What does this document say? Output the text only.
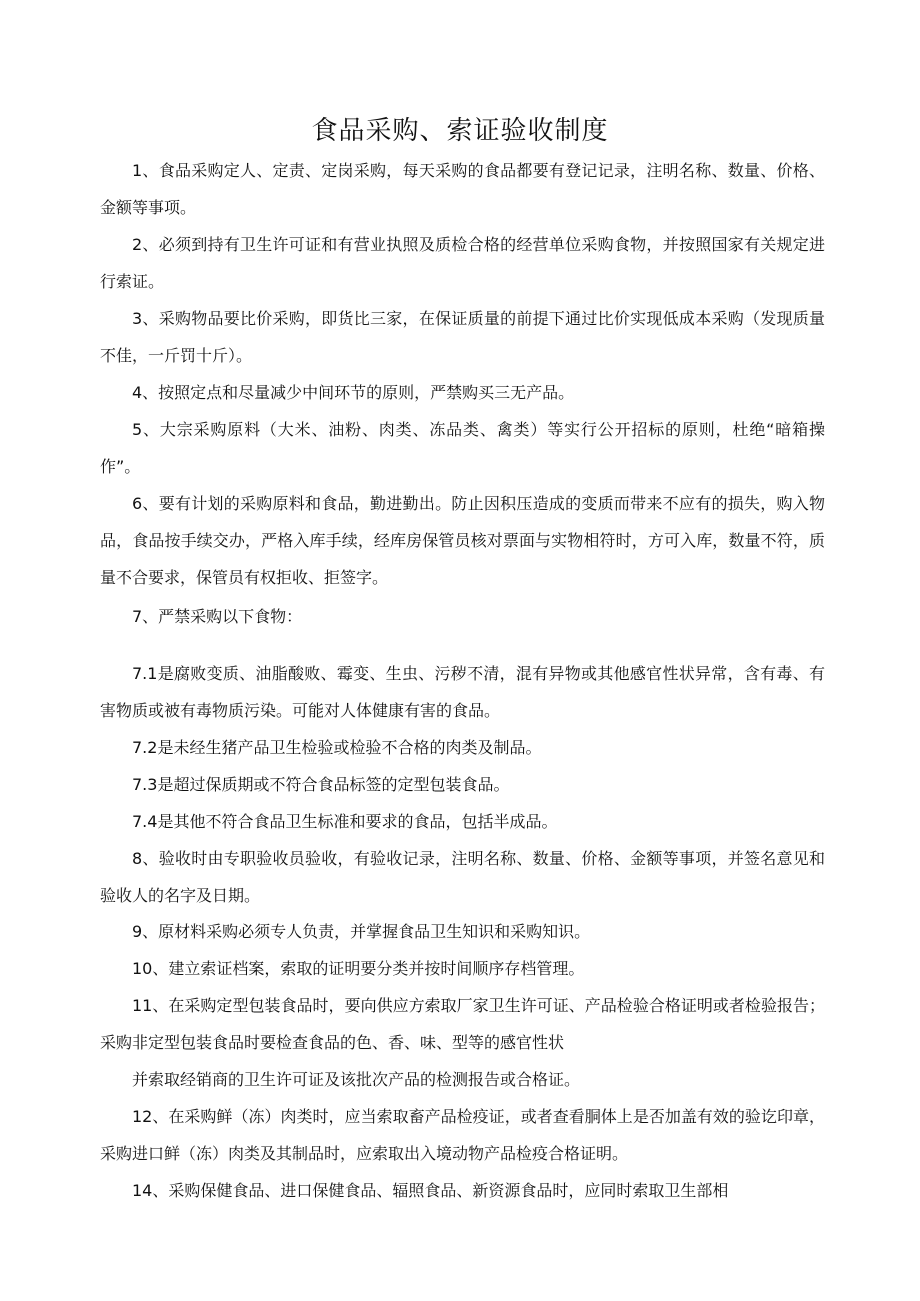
食品采购、索证验收制度

1、食品采购定人、定责、定岗采购，每天采购的食品都要有登记记录，注明名称、数量、价格、金额等事项。

2、必须到持有卫生许可证和有营业执照及质检合格的经营单位采购食物，并按照国家有关规定进行索证。

3、采购物品要比价采购，即货比三家，在保证质量的前提下通过比价实现低成本采购（发现质量不佳，一斤罚十斤）。

4、按照定点和尽量减少中间环节的原则，严禁购买三无产品。

5、大宗采购原料（大米、油粉、肉类、冻品类、禽类）等实行公开招标的原则，杜绝“暗箱操作”。

6、要有计划的采购原料和食品，勤进勤出。防止因积压造成的变质而带来不应有的损失，购入物品，食品按手续交办，严格入库手续，经库房保管员核对票面与实物相符时，方可入库，数量不符，质量不合要求，保管员有权拒收、拒签字。

7、严禁采购以下食物：

7.1是腐败变质、油脂酸败、霉变、生虫、污秽不清，混有异物或其他感官性状异常，含有毒、有害物质或被有毒物质污染。可能对人体健康有害的食品。

7.2是未经生猪产品卫生检验或检验不合格的肉类及制品。

7.3是超过保质期或不符合食品标签的定型包装食品。

7.4是其他不符合食品卫生标准和要求的食品，包括半成品。

8、验收时由专职验收员验收，有验收记录，注明名称、数量、价格、金额等事项，并签名意见和验收人的名字及日期。

9、原材料采购必须专人负责，并掌握食品卫生知识和采购知识。

10、建立索证档案，索取的证明要分类并按时间顺序存档管理。

11、在采购定型包装食品时，要向供应方索取厂家卫生许可证、产品检验合格证明或者检验报告；采购非定型包装食品时要检查食品的色、香、味、型等的感官性状

并索取经销商的卫生许可证及该批次产品的检测报告或合格证。

12、在采购鲜（冻）肉类时，应当索取畜产品检疫证，或者查看胴体上是否加盖有效的验讫印章，采购进口鲜（冻）肉类及其制品时，应索取出入境动物产品检疫合格证明。

14、采购保健食品、进口保健食品、辐照食品、新资源食品时，应同时索取卫生部相
